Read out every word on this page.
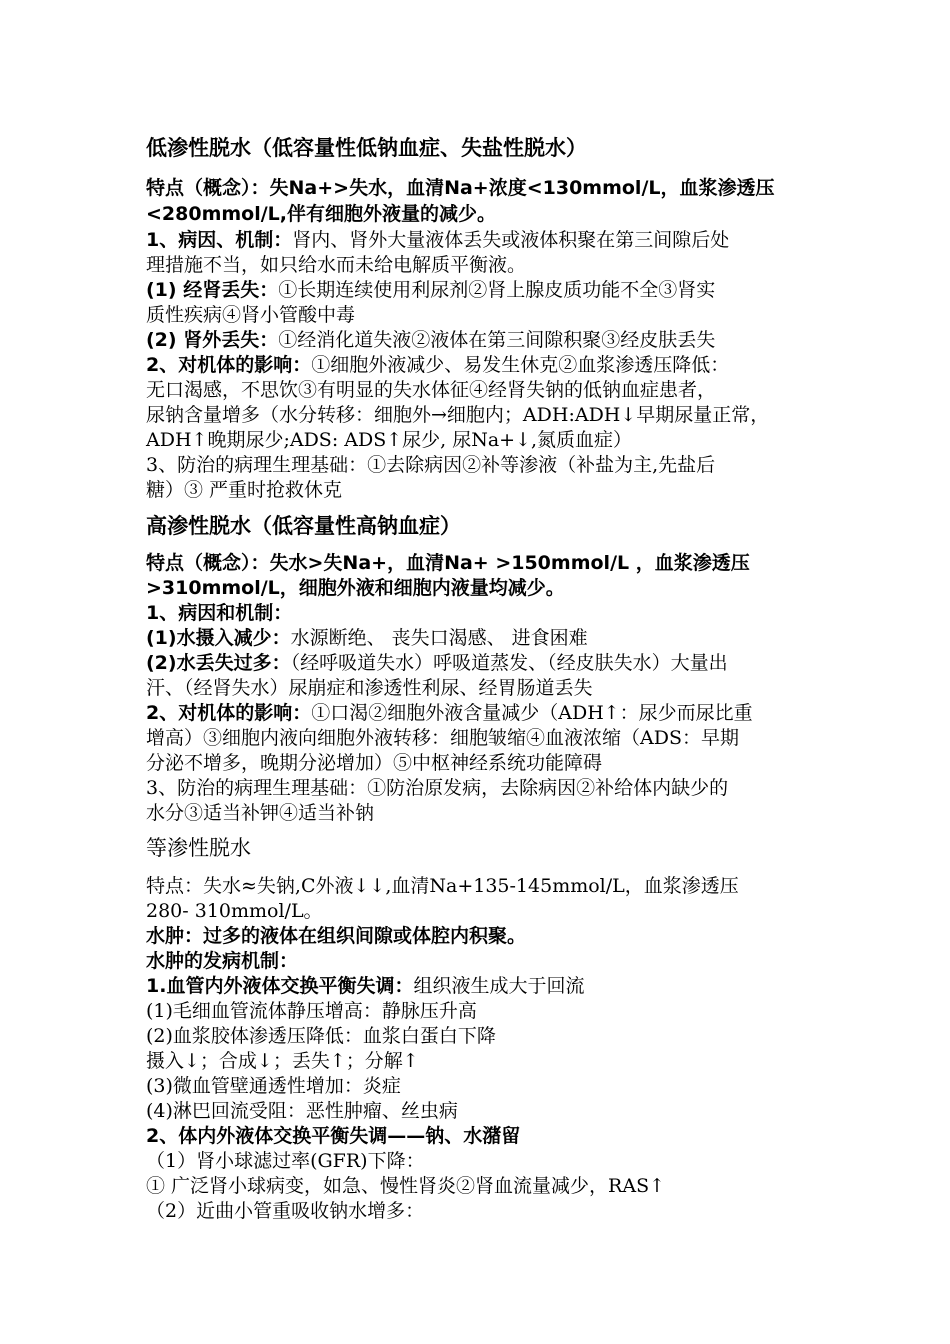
低渗性脱水（低容量性低钠血症、失盐性脱水）
特点（概念）：失Na+>失水，血清Na+浓度<130mmol/L，血浆渗透压
<280mmol/L,伴有细胞外液量的减少。
1、病因、机制：肾内、肾外大量液体丢失或液体积聚在第三间隙后处
理措施不当，如只给水而未给电解质平衡液。
(1) 经肾丢失：①长期连续使用利尿剂②肾上腺皮质功能不全③肾实
质性疾病④肾小管酸中毒
(2) 肾外丢失：①经消化道失液②液体在第三间隙积聚③经皮肤丢失
2、对机体的影响：①细胞外液减少、易发生休克②血浆渗透压降低：
无口渴感，不思饮③有明显的失水体征④经肾失钠的低钠血症患者，
尿钠含量增多（水分转移：细胞外→细胞内；ADH:ADH↓早期尿量正常，
ADH↑晚期尿少;ADS: ADS↑尿少, 尿Na+↓,氮质血症）
3、防治的病理生理基础：①去除病因②补等渗液（补盐为主,先盐后
糖）③ 严重时抢救休克
高渗性脱水（低容量性高钠血症）
特点（概念）：失水>失Na+，血清Na+ >150mmol/L ，血浆渗透压
>310mmol/L，细胞外液和细胞内液量均减少。
1、病因和机制：
(1)水摄入减少：水源断绝、 丧失口渴感、 进食困难
(2)水丢失过多：（经呼吸道失水）呼吸道蒸发、（经皮肤失水）大量出
汗、（经肾失水）尿崩症和渗透性利尿、经胃肠道丢失
2、对机体的影响：①口渴②细胞外液含量减少（ADH↑：尿少而尿比重
增高）③细胞内液向细胞外液转移：细胞皱缩④血液浓缩（ADS：早期
分泌不增多，晚期分泌增加）⑤中枢神经系统功能障碍
3、防治的病理生理基础：①防治原发病，去除病因②补给体内缺少的
水分③适当补钾④适当补钠
等渗性脱水
特点：失水≈失钠,C外液↓↓,血清Na+135-145mmol/L，血浆渗透压
280- 310mmol/L。
水肿：过多的液体在组织间隙或体腔内积聚。
水肿的发病机制：
1.血管内外液体交换平衡失调：组织液生成大于回流
(1)毛细血管流体静压增高：静脉压升高
(2)血浆胶体渗透压降低：血浆白蛋白下降
摄入↓；合成↓；丢失↑；分解↑
(3)微血管壁通透性增加：炎症
(4)淋巴回流受阻：恶性肿瘤、丝虫病
2、体内外液体交换平衡失调——钠、水潴留
（1）肾小球滤过率(GFR)下降：
① 广泛肾小球病变，如急、慢性肾炎②肾血流量减少，RAS↑
（2）近曲小管重吸收钠水增多：
